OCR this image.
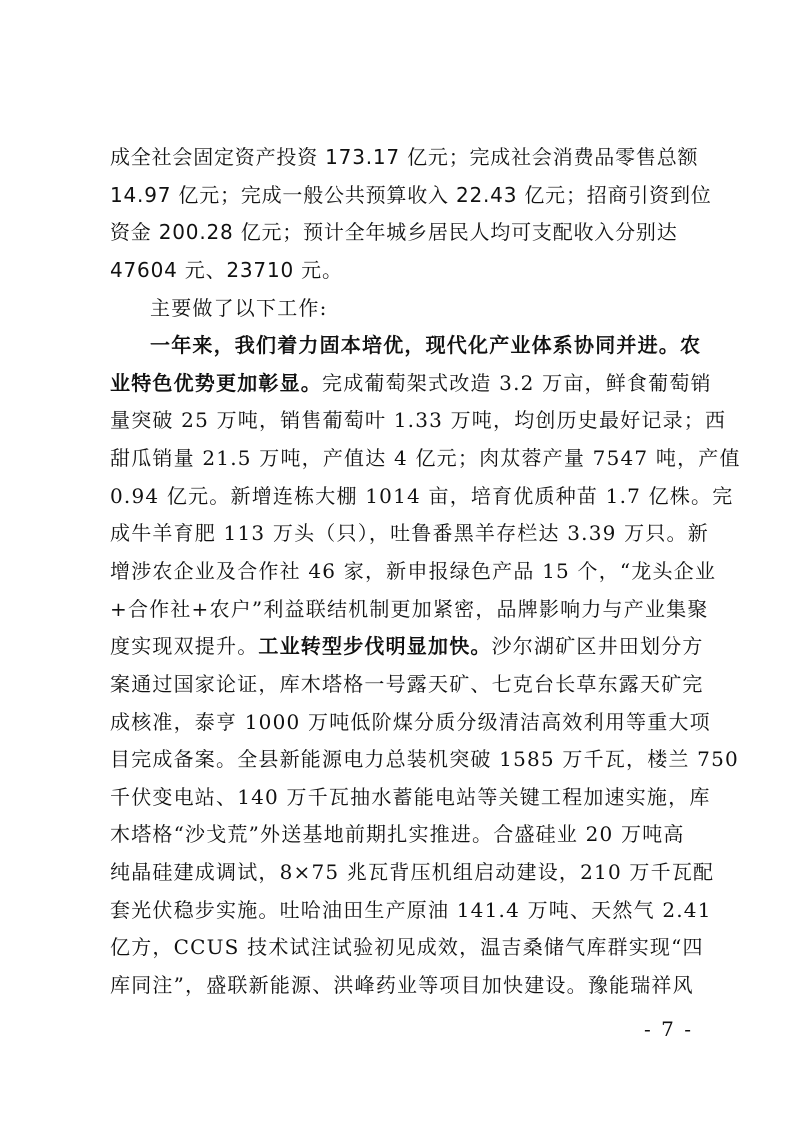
成全社会固定资产投资 173.17 亿元；完成社会消费品零售总额
14.97 亿元；完成一般公共预算收入 22.43 亿元；招商引资到位
资金 200.28 亿元；预计全年城乡居民人均可支配收入分别达
47604 元、23710 元。
主要做了以下工作:
一年来，我们着力固本培优，现代化产业体系协同并进。农
业特色优势更加彰显。完成葡萄架式改造 3.2 万亩，鲜食葡萄销
量突破 25 万吨，销售葡萄叶 1.33 万吨，均创历史最好记录；西
甜瓜销量 21.5 万吨，产值达 4 亿元；肉苁蓉产量 7547 吨，产值
0.94 亿元。新增连栋大棚 1014 亩，培育优质种苗 1.7 亿株。完
成牛羊育肥 113 万头（只），吐鲁番黑羊存栏达 3.39 万只。新
增涉农企业及合作社 46 家，新申报绿色产品 15 个，“龙头企业
+合作社+农户”利益联结机制更加紧密，品牌影响力与产业集聚
度实现双提升。工业转型步伐明显加快。沙尔湖矿区井田划分方
案通过国家论证，库木塔格一号露天矿、七克台长草东露天矿完
成核准，泰亨 1000 万吨低阶煤分质分级清洁高效利用等重大项
目完成备案。全县新能源电力总装机突破 1585 万千瓦，楼兰 750
千伏变电站、140 万千瓦抽水蓄能电站等关键工程加速实施，库
木塔格“沙戈荒”外送基地前期扎实推进。合盛硅业 20 万吨高
纯晶硅建成调试，8×75 兆瓦背压机组启动建设，210 万千瓦配
套光伏稳步实施。吐哈油田生产原油 141.4 万吨、天然气 2.41
亿方，CCUS 技术试注试验初见成效，温吉桑储气库群实现“四
库同注”，盛联新能源、洪峰药业等项目加快建设。豫能瑞祥风
- 7 -
